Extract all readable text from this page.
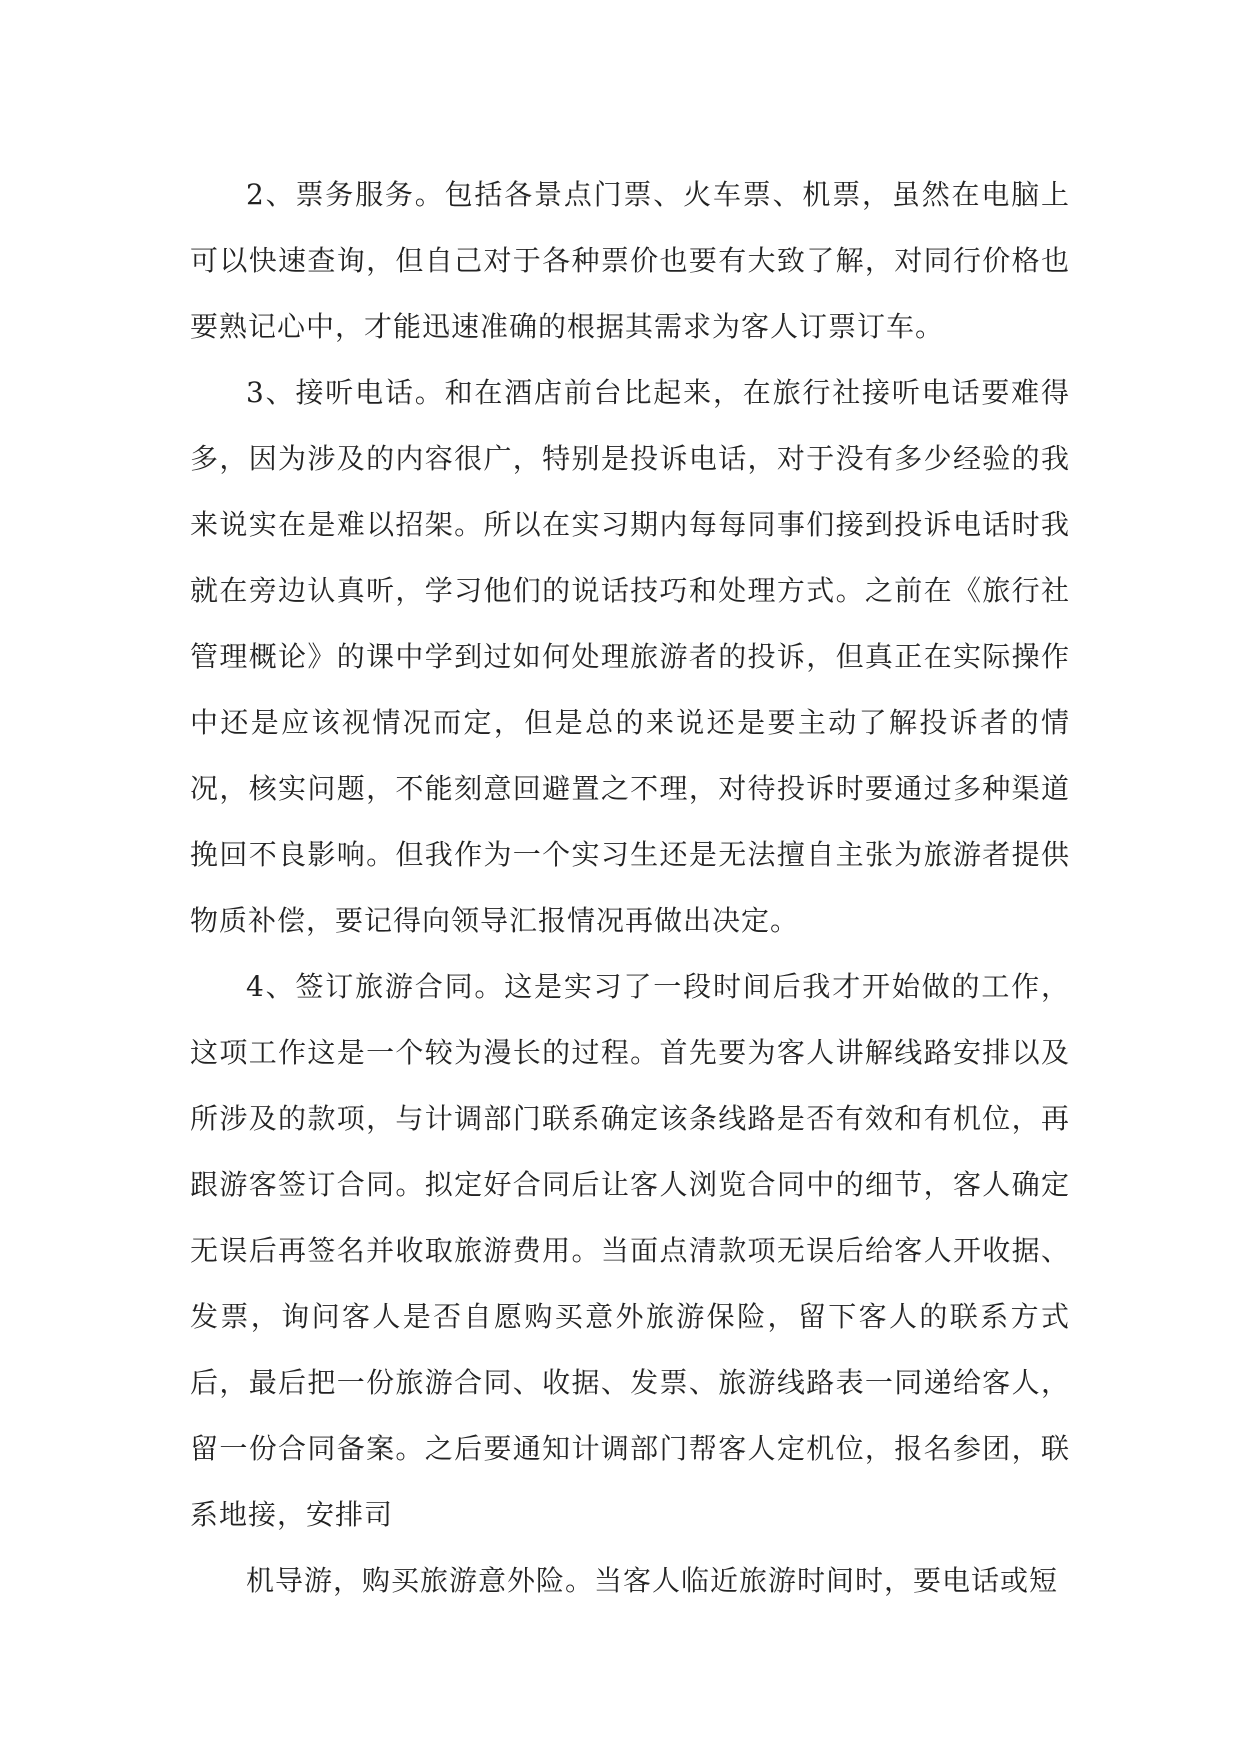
2、票务服务。包括各景点门票、火车票、机票，虽然在电脑上可以快速查询，但自己对于各种票价也要有大致了解，对同行价格也要熟记心中，才能迅速准确的根据其需求为客人订票订车。

3、接听电话。和在酒店前台比起来，在旅行社接听电话要难得多，因为涉及的内容很广，特别是投诉电话，对于没有多少经验的我来说实在是难以招架。所以在实习期内每每同事们接到投诉电话时我就在旁边认真听，学习他们的说话技巧和处理方式。之前在《旅行社管理概论》的课中学到过如何处理旅游者的投诉，但真正在实际操作中还是应该视情况而定，但是总的来说还是要主动了解投诉者的情况，核实问题，不能刻意回避置之不理，对待投诉时要通过多种渠道挽回不良影响。但我作为一个实习生还是无法擅自主张为旅游者提供物质补偿，要记得向领导汇报情况再做出决定。

4、签订旅游合同。这是实习了一段时间后我才开始做的工作，这项工作这是一个较为漫长的过程。首先要为客人讲解线路安排以及所涉及的款项，与计调部门联系确定该条线路是否有效和有机位，再跟游客签订合同。拟定好合同后让客人浏览合同中的细节，客人确定无误后再签名并收取旅游费用。当面点清款项无误后给客人开收据、发票，询问客人是否自愿购买意外旅游保险，留下客人的联系方式后，最后把一份旅游合同、收据、发票、旅游线路表一同递给客人，留一份合同备案。之后要通知计调部门帮客人定机位，报名参团，联系地接，安排司

机导游，购买旅游意外险。当客人临近旅游时间时，要电话或短
